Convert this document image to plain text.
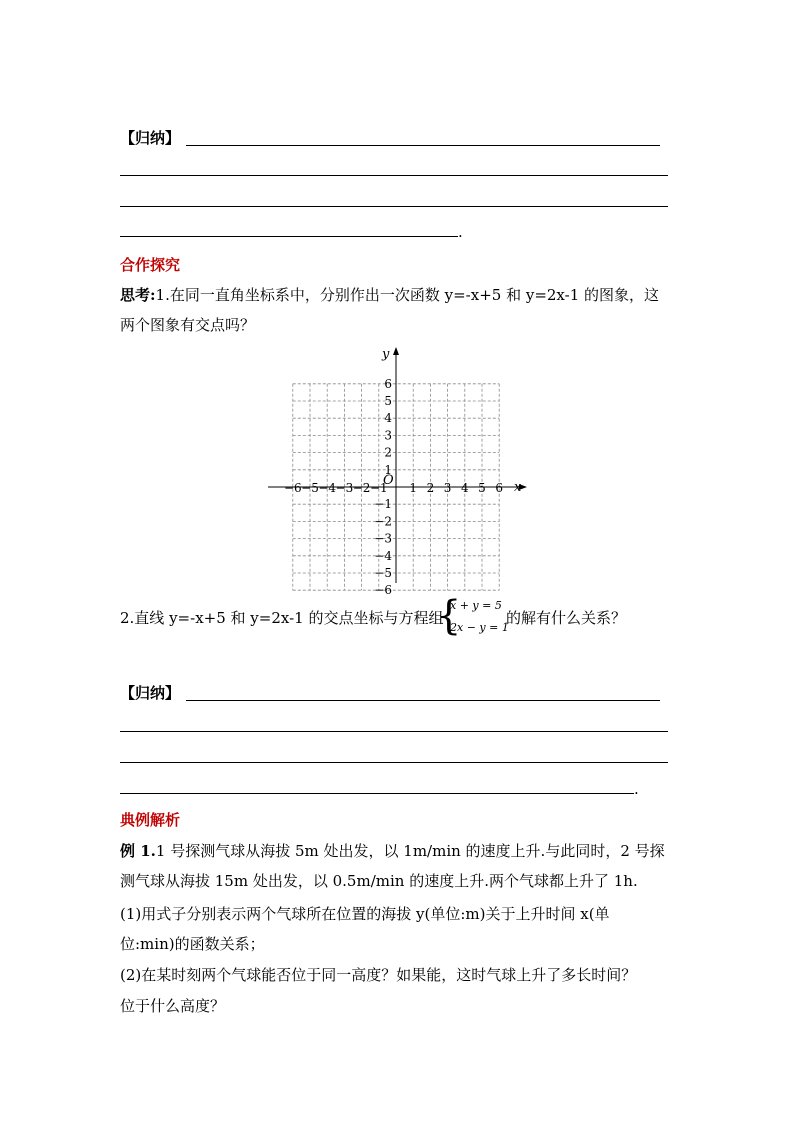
【归纳】
.
合作探究
思考:1.在同一直角坐标系中，分别作出一次函数 y=-x+5 和 y=2x-1 的图象，这
两个图象有交点吗？
−6 −5 −4 −3 −2 −1 1 2 3 4 5 6
6
5
4
3
2
1
−1
−2
−3
−4
−5
−6
x
y
O
2.直线 y=-x+5 和 y=2x-1 的交点坐标与方程组
{
x + y = 5
2x − y = 1
的解有什么关系？
【归纳】
.
典例解析
例 1.1 号探测气球从海拔 5m 处出发，以 1m/min 的速度上升.与此同时，2 号探
测气球从海拔 15m 处出发，以 0.5m/min 的速度上升.两个气球都上升了 1h.
(1)用式子分别表示两个气球所在位置的海拔 y(单位:m)关于上升时间 x(单
位:min)的函数关系；
(2)在某时刻两个气球能否位于同一高度？如果能，这时气球上升了多长时间？
位于什么高度？
